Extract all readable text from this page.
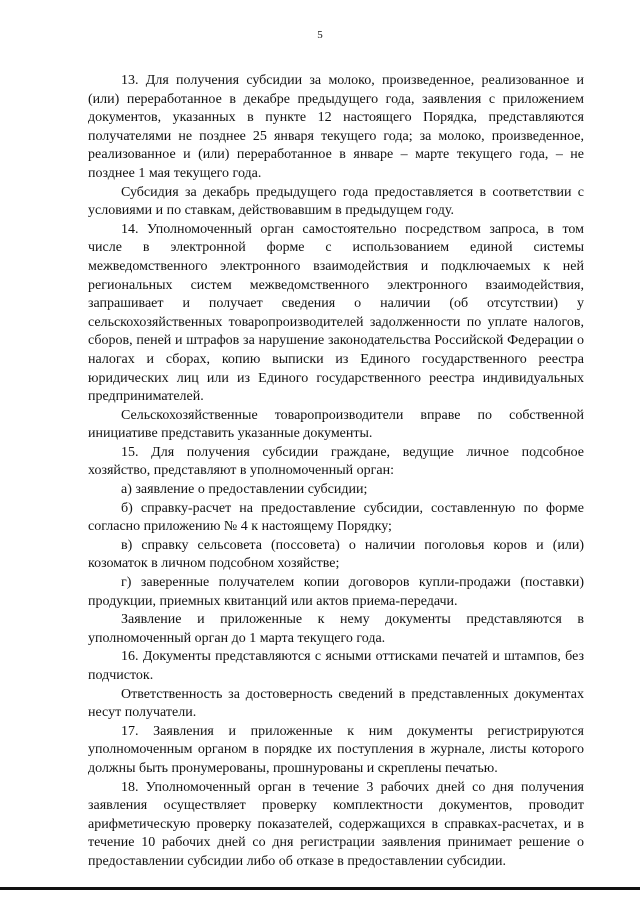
5

13. Для получения субсидии за молоко, произведенное, реализованное и (или) переработанное в декабре предыдущего года, заявления с приложением документов, указанных в пункте 12 настоящего Порядка, представляются получателями не позднее 25 января текущего года; за молоко, произведенное, реализованное и (или) переработанное в январе – марте текущего года, – не позднее 1 мая текущего года.

Субсидия за декабрь предыдущего года предоставляется в соответствии с условиями и по ставкам, действовавшим в предыдущем году.

14. Уполномоченный орган самостоятельно посредством запроса, в том числе в электронной форме с использованием единой системы межведомственного электронного взаимодействия и подключаемых к ней региональных систем межведомственного электронного взаимодействия, запрашивает и получает сведения о наличии (об отсутствии) у сельскохозяйственных товаропроизводителей задолженности по уплате налогов, сборов, пеней и штрафов за нарушение законодательства Российской Федерации о налогах и сборах, копию выписки из Единого государственного реестра юридических лиц или из Единого государственного реестра индивидуальных предпринимателей.

Сельскохозяйственные товаропроизводители вправе по собственной инициативе представить указанные документы.

15. Для получения субсидии граждане, ведущие личное подсобное хозяйство, представляют в уполномоченный орган:

а) заявление о предоставлении субсидии;

б) справку-расчет на предоставление субсидии, составленную по форме согласно приложению № 4 к настоящему Порядку;

в) справку сельсовета (поссовета) о наличии поголовья коров и (или) козоматок в личном подсобном хозяйстве;

г) заверенные получателем копии договоров купли-продажи (поставки) продукции, приемных квитанций или актов приема-передачи.

Заявление и приложенные к нему документы представляются в уполномоченный орган до 1 марта текущего года.

16. Документы представляются с ясными оттисками печатей и штампов, без подчисток.

Ответственность за достоверность сведений в представленных документах несут получатели.

17. Заявления и приложенные к ним документы регистрируются уполномоченным органом в порядке их поступления в журнале, листы которого должны быть пронумерованы, прошнурованы и скреплены печатью.

18. Уполномоченный орган в течение 3 рабочих дней со дня получения заявления осуществляет проверку комплектности документов, проводит арифметическую проверку показателей, содержащихся в справках-расчетах, и в течение 10 рабочих дней со дня регистрации заявления принимает решение о предоставлении субсидии либо об отказе в предоставлении субсидии.
